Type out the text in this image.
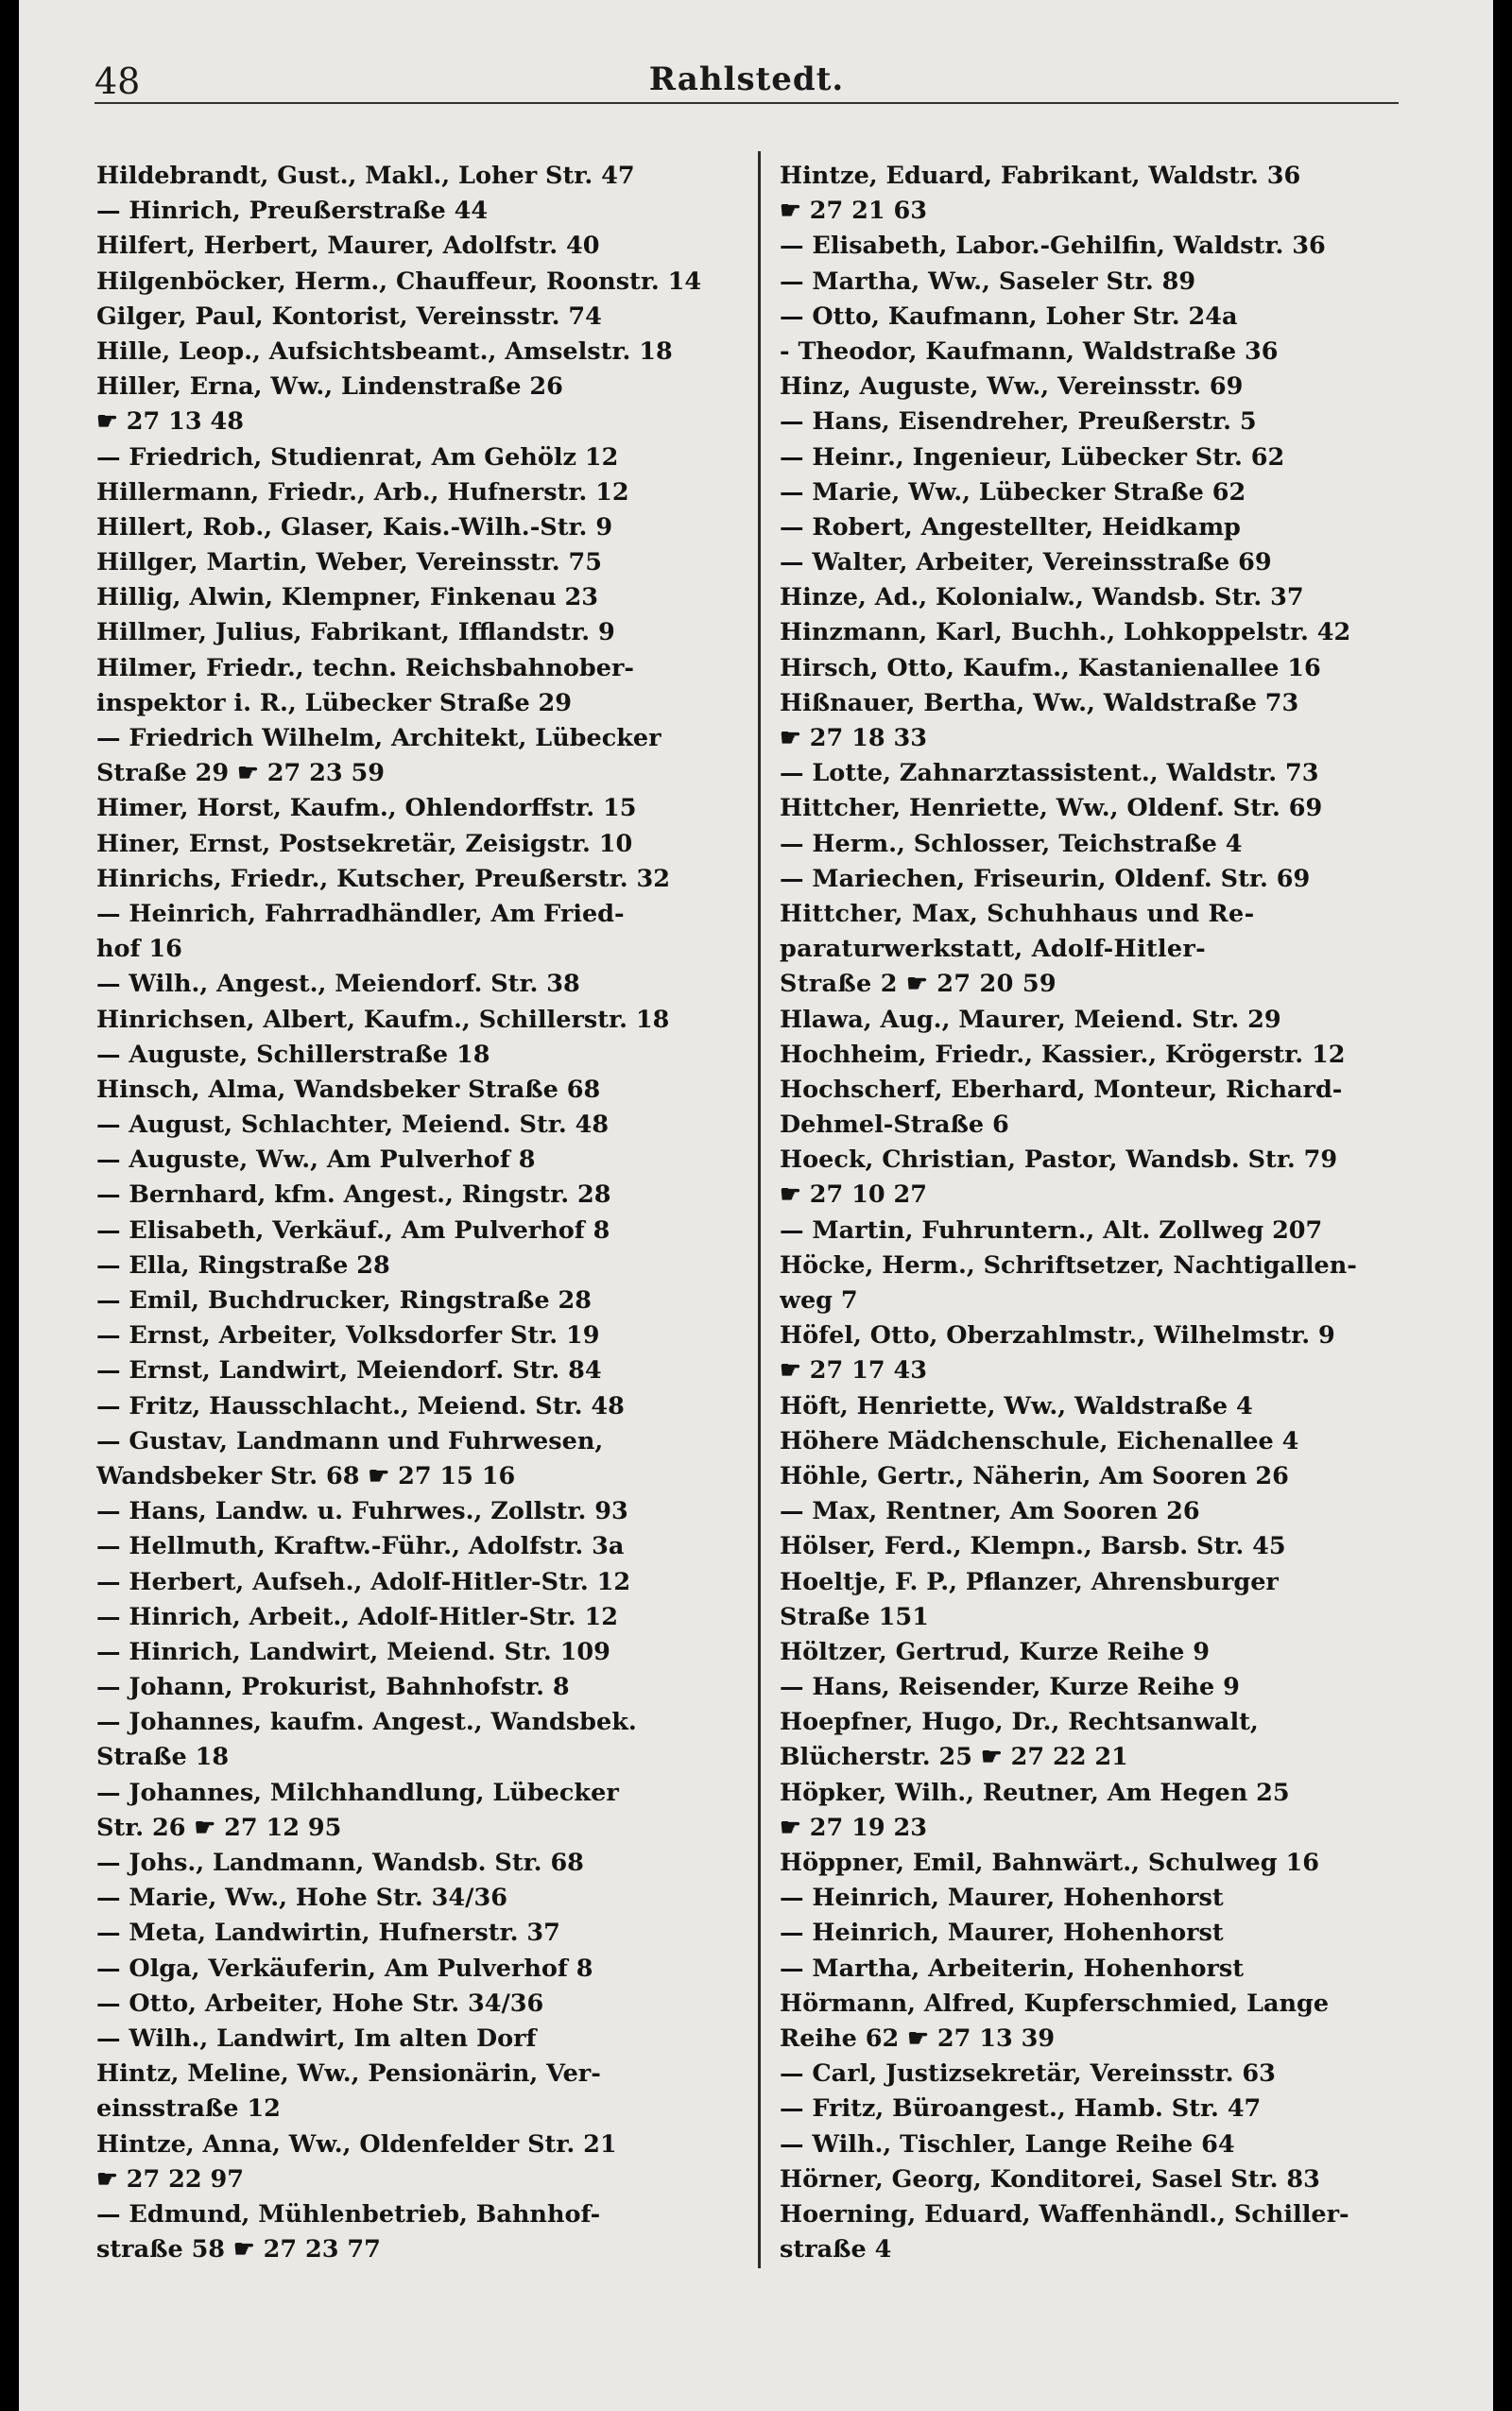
48	Rahlstedt.
Hildebrandt, Gust., Makl., Loher Str. 47
— Hinrich, Preußerstraße 44
Hilfert, Herbert, Maurer, Adolfstr. 40
Hilgenböcker, Herm., Chauffeur, Roonstr. 14
Gilger, Paul, Kontorist, Vereinsstr. 74
Hille, Leop., Aufsichtsbeamt., Amselstr. 18
Hiller, Erna, Ww., Lindenstraße 26
☛ 27 13 48
— Friedrich, Studienrat, Am Gehölz 12
Hillermann, Friedr., Arb., Hufnerstr. 12
Hillert, Rob., Glaser, Kais.-Wilh.-Str. 9
Hillger, Martin, Weber, Vereinsstr. 75
Hillig, Alwin, Klempner, Finkenau 23
Hillmer, Julius, Fabrikant, Ifflandstr. 9
Hilmer, Friedr., techn. Reichsbahnober-
inspektor i. R., Lübecker Straße 29
— Friedrich Wilhelm, Architekt, Lübecker
Straße 29 ☛ 27 23 59
Himer, Horst, Kaufm., Ohlendorffstr. 15
Hiner, Ernst, Postsekretär, Zeisigstr. 10
Hinrichs, Friedr., Kutscher, Preußerstr. 32
— Heinrich, Fahrradhändler, Am Fried-
hof 16
— Wilh., Angest., Meiendorf. Str. 38
Hinrichsen, Albert, Kaufm., Schillerstr. 18
— Auguste, Schillerstraße 18
Hinsch, Alma, Wandsbeker Straße 68
— August, Schlachter, Meiend. Str. 48
— Auguste, Ww., Am Pulverhof 8
— Bernhard, kfm. Angest., Ringstr. 28
— Elisabeth, Verkäuf., Am Pulverhof 8
— Ella, Ringstraße 28
— Emil, Buchdrucker, Ringstraße 28
— Ernst, Arbeiter, Volksdorfer Str. 19
— Ernst, Landwirt, Meiendorf. Str. 84
— Fritz, Hausschlacht., Meiend. Str. 48
— Gustav, Landmann und Fuhrwesen,
Wandsbeker Str. 68 ☛ 27 15 16
— Hans, Landw. u. Fuhrwes., Zollstr. 93
— Hellmuth, Kraftw.-Führ., Adolfstr. 3a
— Herbert, Aufseh., Adolf-Hitler-Str. 12
— Hinrich, Arbeit., Adolf-Hitler-Str. 12
— Hinrich, Landwirt, Meiend. Str. 109
— Johann, Prokurist, Bahnhofstr. 8
— Johannes, kaufm. Angest., Wandsbek.
Straße 18
— Johannes, Milchhandlung, Lübecker
Str. 26 ☛ 27 12 95
— Johs., Landmann, Wandsb. Str. 68
— Marie, Ww., Hohe Str. 34/36
— Meta, Landwirtin, Hufnerstr. 37
— Olga, Verkäuferin, Am Pulverhof 8
— Otto, Arbeiter, Hohe Str. 34/36
— Wilh., Landwirt, Im alten Dorf
Hintz, Meline, Ww., Pensionärin, Ver-
einsstraße 12
Hintze, Anna, Ww., Oldenfelder Str. 21
☛ 27 22 97
— Edmund, Mühlenbetrieb, Bahnhof-
straße 58 ☛ 27 23 77
Hintze, Eduard, Fabrikant, Waldstr. 36
☛ 27 21 63
— Elisabeth, Labor.-Gehilfin, Waldstr. 36
— Martha, Ww., Saseler Str. 89
— Otto, Kaufmann, Loher Str. 24a
- Theodor, Kaufmann, Waldstraße 36
Hinz, Auguste, Ww., Vereinsstr. 69
— Hans, Eisendreher, Preußerstr. 5
— Heinr., Ingenieur, Lübecker Str. 62
— Marie, Ww., Lübecker Straße 62
— Robert, Angestellter, Heidkamp
— Walter, Arbeiter, Vereinsstraße 69
Hinze, Ad., Kolonialw., Wandsb. Str. 37
Hinzmann, Karl, Buchh., Lohkoppelstr. 42
Hirsch, Otto, Kaufm., Kastanienallee 16
Hißnauer, Bertha, Ww., Waldstraße 73
☛ 27 18 33
— Lotte, Zahnarztassistent., Waldstr. 73
Hittcher, Henriette, Ww., Oldenf. Str. 69
— Herm., Schlosser, Teichstraße 4
— Mariechen, Friseurin, Oldenf. Str. 69
Hittcher, Max, Schuhhaus und Re-
paraturwerkstatt, Adolf-Hitler-
Straße 2 ☛ 27 20 59
Hlawa, Aug., Maurer, Meiend. Str. 29
Hochheim, Friedr., Kassier., Krögerstr. 12
Hochscherf, Eberhard, Monteur, Richard-
Dehmel-Straße 6
Hoeck, Christian, Pastor, Wandsb. Str. 79
☛ 27 10 27
— Martin, Fuhruntern., Alt. Zollweg 207
Höcke, Herm., Schriftsetzer, Nachtigallen-
weg 7
Höfel, Otto, Oberzahlmstr., Wilhelmstr. 9
☛ 27 17 43
Höft, Henriette, Ww., Waldstraße 4
Höhere Mädchenschule, Eichenallee 4
Höhle, Gertr., Näherin, Am Sooren 26
— Max, Rentner, Am Sooren 26
Hölser, Ferd., Klempn., Barsb. Str. 45
Hoeltje, F. P., Pflanzer, Ahrensburger
Straße 151
Höltzer, Gertrud, Kurze Reihe 9
— Hans, Reisender, Kurze Reihe 9
Hoepfner, Hugo, Dr., Rechtsanwalt,
Blücherstr. 25 ☛ 27 22 21
Höpker, Wilh., Reutner, Am Hegen 25
☛ 27 19 23
Höppner, Emil, Bahnwärt., Schulweg 16
— Heinrich, Maurer, Hohenhorst
— Heinrich, Maurer, Hohenhorst
— Martha, Arbeiterin, Hohenhorst
Hörmann, Alfred, Kupferschmied, Lange
Reihe 62 ☛ 27 13 39
— Carl, Justizsekretär, Vereinsstr. 63
— Fritz, Büroangest., Hamb. Str. 47
— Wilh., Tischler, Lange Reihe 64
Hörner, Georg, Konditorei, Sasel Str. 83
Hoerning, Eduard, Waffenhändl., Schiller-
straße 4
